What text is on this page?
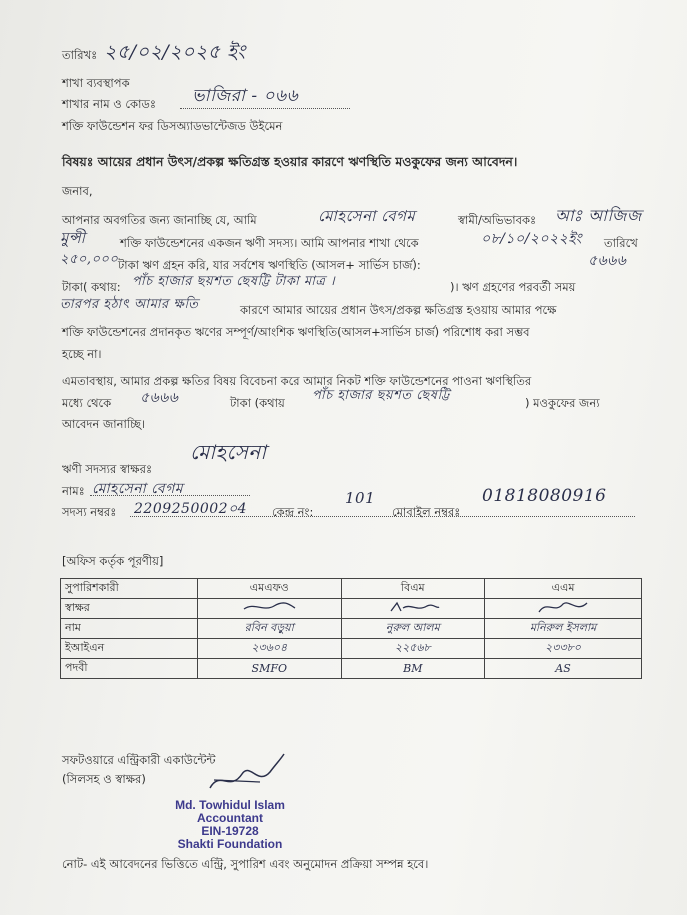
তারিখঃ ২৫/০২/২০২৫ ইং
শাখা ব্যবস্থাপক
শাখার নাম ও কোডঃ ভাজিরা - ০৬৬
শক্তি ফাউন্ডেশন ফর ডিসঅ্যাডভান্টেজড উইমেন
বিষয়ঃ আয়ের প্রধান উৎস/প্রকল্প ক্ষতিগ্রস্ত হওয়ার কারণে ঋণস্থিতি মওকুফের জন্য আবেদন।
জনাব,
আপনার অবগতির জন্য জানাচ্ছি যে, আমি	মোহসেনা বেগম	স্বামী/অভিভাবকঃ আঃ আজিজ
মুন্সী	শক্তি ফাউন্ডেশনের একজন ঋণী সদস্য। আমি আপনার শাখা থেকে	০৮/১০/২০২২ইং তারিখে
২৫০,০০০ টাকা ঋণ গ্রহন করি, যার সর্বশেষ ঋণস্থিতি (আসল+ সার্ভিস চার্জ):	৫৬৬৬
টাকা( কথায়: পাঁচ হাজার ছয়শত ছেষট্টি টাকা মাত্র ।	)। ঋণ গ্রহণের পরবর্তী সময়
তারপর হঠাৎ আমার ক্ষতি	কারণে আমার আয়ের প্রধান উৎস/প্রকল্প ক্ষতিগ্রস্ত হওয়ায় আমার পক্ষে
শক্তি ফাউন্ডেশনের প্রদানকৃত ঋণের সম্পূর্ণ/আংশিক ঋণস্থিতি(আসল+সার্ভিস চার্জ) পরিশোধ করা সম্ভব
হচ্ছে না।
এমতাবস্থায়, আমার প্রকল্প ক্ষতির বিষয় বিবেচনা করে আমার নিকট শক্তি ফাউন্ডেশনের পাওনা ঋণস্থিতির
মধ্যে থেকে ৫৬৬৬	টাকা (কথায় পাঁচ হাজার ছয়শত ছেষট্টি	) মওকুফের জন্য
আবেদন জানাচ্ছি।
মোহসেনা
ঋণী সদস্যর স্বাক্ষরঃ
নামঃ মোহসেনা বেগম
সদস্য নম্বরঃ 2209250002০4 কেন্দ্র নং:
101
মোবাইল নম্বরঃ
01818080916
[অফিস কর্তৃক পূরণীয়]
সুপারিশকারী	এমএফও	বিএম	এএম
স্বাক্ষর			
নাম	রবিন বড়ুয়া	নুরুল আলম	মনিরুল ইসলাম
ইআইএন	২৩৬০৪	২২৫৬৮	২৩৩৮০
পদবী	SMFO	BM	AS
সফটওয়ারে এন্ট্রিকারী একাউন্টেন্ট
(সিলসহ ও স্বাক্ষর)
Md. Towhidul Islam
Accountant
EIN-19728
Shakti Foundation
নোট- এই আবেদনের ভিত্তিতে এন্ট্রি, সুপারিশ এবং অনুমোদন প্রক্রিয়া সম্পন্ন হবে।
